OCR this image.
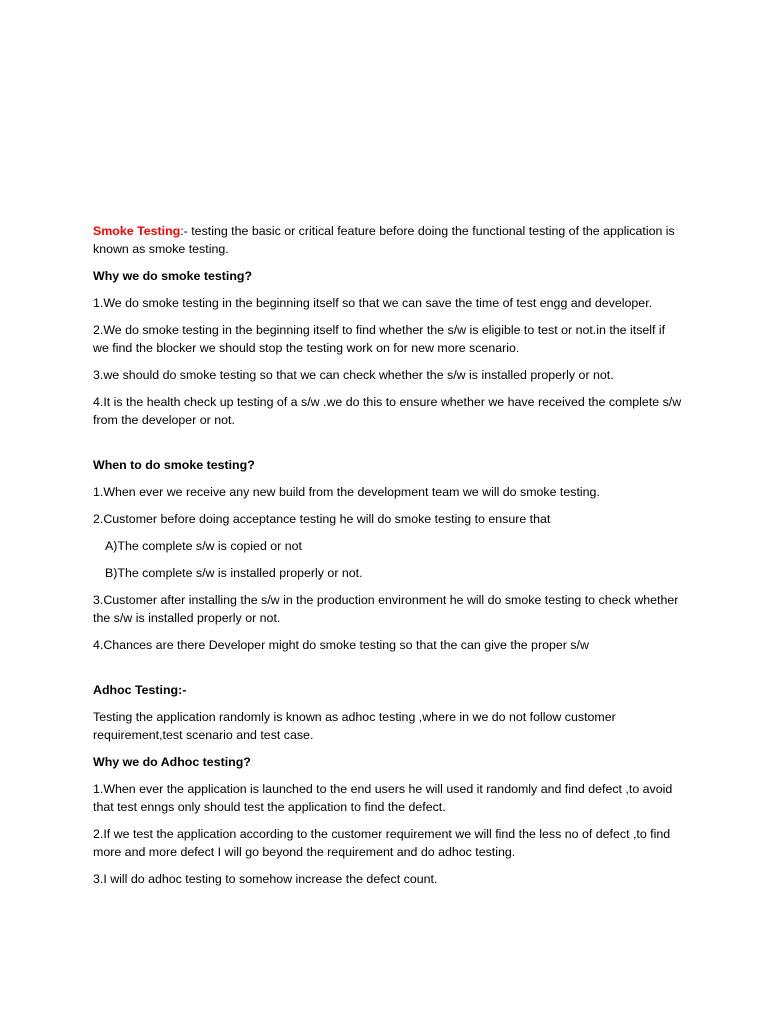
Smoke Testing:- testing the basic or critical feature before doing the functional testing of the application is known as smoke testing.

Why we do smoke testing?

1.We do smoke testing in the beginning itself so that we can save the time of test engg and developer.

2.We do smoke testing in the beginning itself to find whether the s/w is eligible to test or not.in the itself if we find the blocker we should stop the testing work on for new more scenario.

3.we should do smoke testing so that we can check whether the s/w is installed properly or not.

4.It is the health check up testing of a s/w .we do this to ensure whether we have received the complete s/w from the developer or not.

When to do smoke testing?

1.When ever we receive any new build from the development team we will do smoke testing.

2.Customer before doing acceptance testing he will do smoke testing to ensure that

A)The complete s/w is copied or not

B)The complete s/w is installed properly or not.

3.Customer after installing the s/w in the production environment he will do smoke testing to check whether the s/w is installed properly or not.

4.Chances are there Developer might do smoke testing so that the can give the proper s/w

Adhoc Testing:-

Testing the application randomly is known as adhoc testing ,where in we do not follow customer requirement,test scenario and test case.

Why we do Adhoc testing?

1.When ever the application is launched to the end users he will used it randomly and find defect ,to avoid that test enngs only should test the application to find the defect.

2.If we test the application according to the customer requirement we will find the less no of defect ,to find more and more defect I will go beyond the requirement and do adhoc testing.

3.I will do adhoc testing to somehow increase the defect count.
